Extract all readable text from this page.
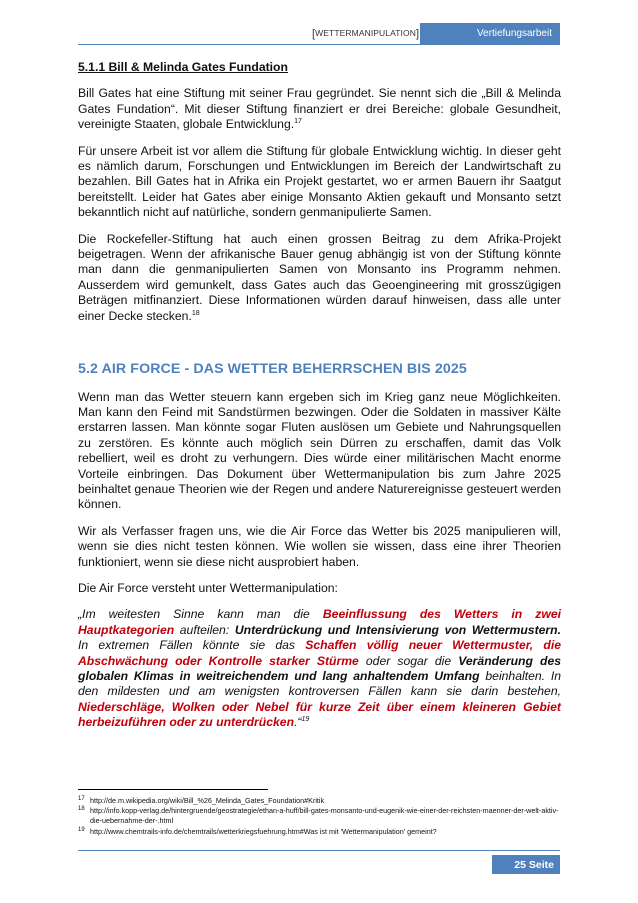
[WETTERMANIPULATION]	Vertiefungsarbeit
5.1.1 Bill & Melinda Gates Fundation

Bill Gates hat eine Stiftung mit seiner Frau gegründet. Sie nennt sich die „Bill & Melinda Gates Fundation“. Mit dieser Stiftung finanziert er drei Bereiche: globale Gesundheit, vereinigte Staaten, globale Entwicklung.$^{17}$

Für unsere Arbeit ist vor allem die Stiftung für globale Entwicklung wichtig. In dieser geht es nämlich darum, Forschungen und Entwicklungen im Bereich der Landwirtschaft zu bezahlen. Bill Gates hat in Afrika ein Projekt gestartet, wo er armen Bauern ihr Saatgut bereitstellt. Leider hat Gates aber einige Monsanto Aktien gekauft und Monsanto setzt bekanntlich nicht auf natürliche, sondern genmanipulierte Samen.

Die Rockefeller-Stiftung hat auch einen grossen Beitrag zu dem Afrika-Projekt beigetragen. Wenn der afrikanische Bauer genug abhängig ist von der Stiftung könnte man dann die genmanipulierten Samen von Monsanto ins Programm nehmen. Ausserdem wird gemunkelt, dass Gates auch das Geoengineering mit grosszügigen Beträgen mitfinanziert. Diese Informationen würden darauf hinweisen, dass alle unter einer Decke stecken.$^{18}$

5.2 AIR FORCE - DAS WETTER BEHERRSCHEN BIS 2025

Wenn man das Wetter steuern kann ergeben sich im Krieg ganz neue Möglichkeiten. Man kann den Feind mit Sandstürmen bezwingen. Oder die Soldaten in massiver Kälte erstarren lassen. Man könnte sogar Fluten auslösen um Gebiete und Nahrungsquellen zu zerstören. Es könnte auch möglich sein Dürren zu erschaffen, damit das Volk rebelliert, weil es droht zu verhungern. Dies würde einer militärischen Macht enorme Vorteile einbringen. Das Dokument über Wettermanipulation bis zum Jahre 2025 beinhaltet genaue Theorien wie der Regen und andere Naturereignisse gesteuert werden können.

Wir als Verfasser fragen uns, wie die Air Force das Wetter bis 2025 manipulieren will, wenn sie dies nicht testen können. Wie wollen sie wissen, dass eine ihrer Theorien funktioniert, wenn sie diese nicht ausprobiert haben.

Die Air Force versteht unter Wettermanipulation:

„Im weitesten Sinne kann man die Beeinflussung des Wetters in zwei Hauptkategorien aufteilen: Unterdrückung und Intensivierung von Wettermustern. In extremen Fällen könnte sie das Schaffen völlig neuer Wettermuster, die Abschwächung oder Kontrolle starker Stürme oder sogar die Veränderung des globalen Klimas in weitreichendem und lang anhaltendem Umfang beinhalten. In den mildesten und am wenigsten kontroversen Fällen kann sie darin bestehen, Niederschläge, Wolken oder Nebel für kurze Zeit über einem kleineren Gebiet herbeizuführen oder zu unterdrücken.“$^{19}$

17 http://de.m.wikipedia.org/wiki/Bill_%26_Melinda_Gates_Foundation#Kritik
18 http://info.kopp-verlag.de/hintergruende/geostrategie/ethan-a-huff/bill-gates-monsanto-und-eugenik-wie-einer-der-reichsten-maenner-der-welt-aktiv-die-uebernahme-der-.html
19 http://www.chemtrails-info.de/chemtrails/wetterkriegsfuehrung.htm#Was ist mit 'Wettermanipulation' gemeint?
25 Seite
